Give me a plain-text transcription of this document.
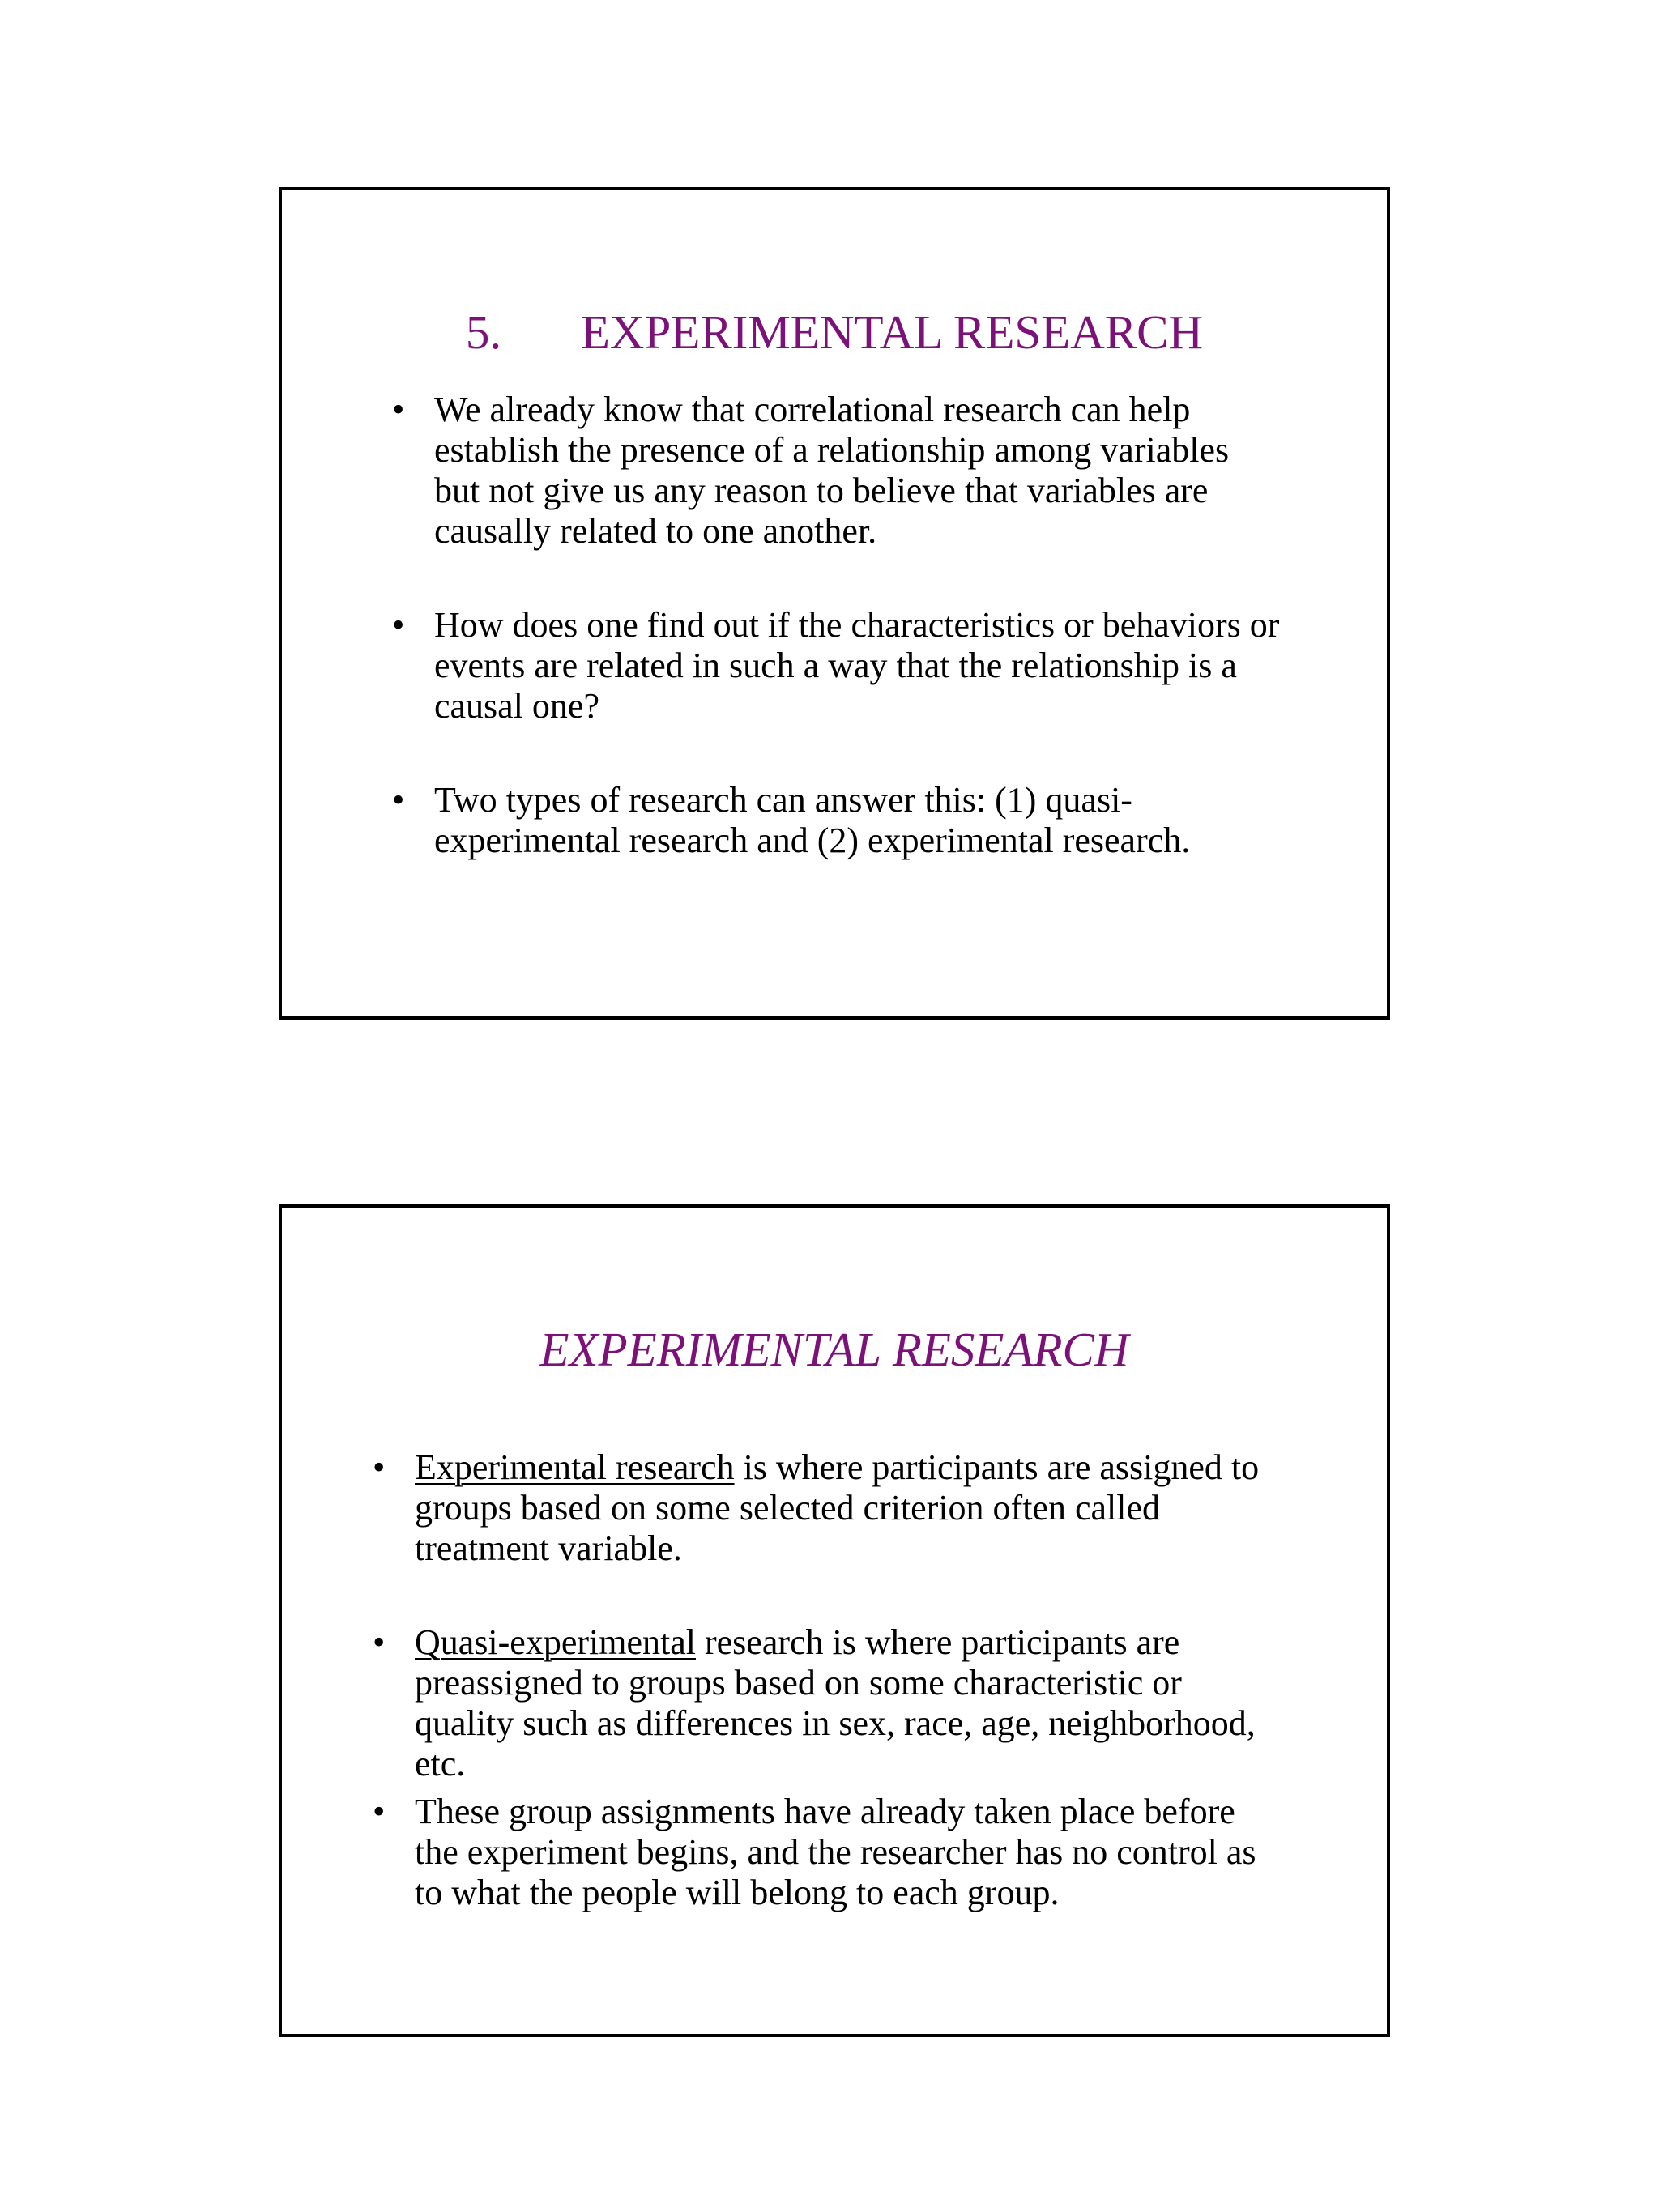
5. EXPERIMENTAL RESEARCH
• We already know that correlational research can help
establish the presence of a relationship among variables
but not give us any reason to believe that variables are
causally related to one another.
• How does one find out if the characteristics or behaviors or
events are related in such a way that the relationship is a
causal one?
• Two types of research can answer this: (1) quasi-
experimental research and (2) experimental research.
EXPERIMENTAL RESEARCH
• Experimental research is where participants are assigned to
groups based on some selected criterion often called
treatment variable.
• Quasi-experimental research is where participants are
preassigned to groups based on some characteristic or
quality such as differences in sex, race, age, neighborhood,
etc.
• These group assignments have already taken place before
the experiment begins, and the researcher has no control as
to what the people will belong to each group.
